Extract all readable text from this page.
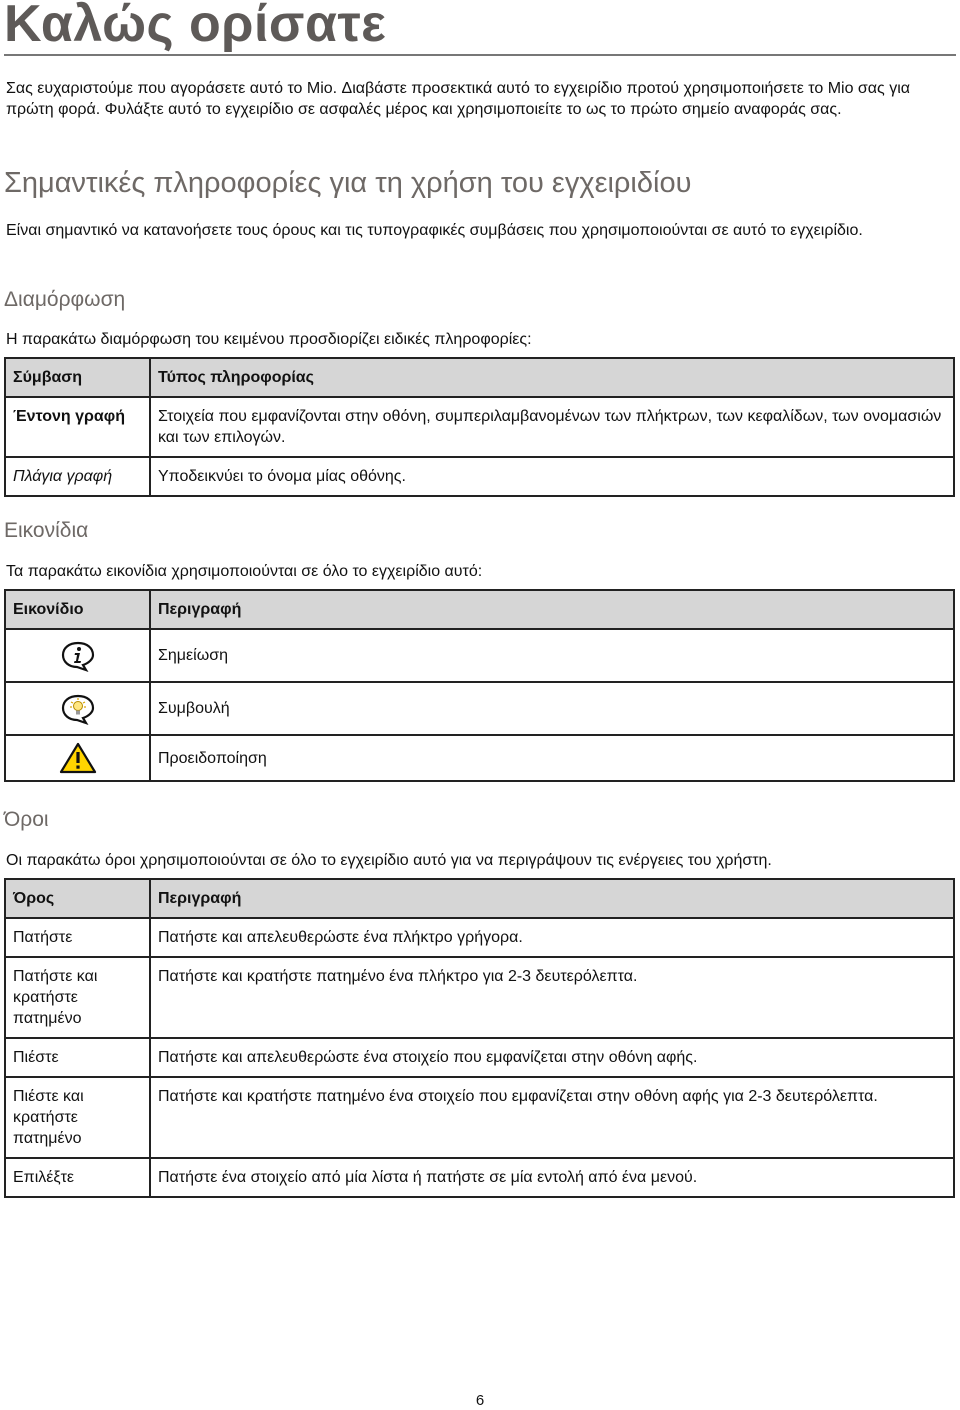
Καλώς ορίσατε

Σας ευχαριστούμε που αγοράσετε αυτό το Mio. Διαβάστε προσεκτικά αυτό το εγχειρίδιο προτού χρησιμοποιήσετε το Mio σας για πρώτη φορά. Φυλάξτε αυτό το εγχειρίδιο σε ασφαλές μέρος και χρησιμοποιείτε το ως το πρώτο σημείο αναφοράς σας.

Σημαντικές πληροφορίες για τη χρήση του εγχειριδίου

Είναι σημαντικό να κατανοήσετε τους όρους και τις τυπογραφικές συμβάσεις που χρησιμοποιούνται σε αυτό το εγχειρίδιο.

Διαμόρφωση

Η παρακάτω διαμόρφωση του κειμένου προσδιορίζει ειδικές πληροφορίες:

Σύμβαση	Τύπος πληροφορίας
Έντονη γραφή	Στοιχεία που εμφανίζονται στην οθόνη, συμπεριλαμβανομένων των πλήκτρων, των κεφαλίδων, των ονομασιών και των επιλογών.
Πλάγια γραφή	Υποδεικνύει το όνομα μίας οθόνης.
Εικονίδια

Τα παρακάτω εικονίδια χρησιμοποιούνται σε όλο το εγχειρίδιο αυτό:

Εικονίδιο	Περιγραφή

	Σημείωση

	Συμβουλή

	Προειδοποίηση
Όροι

Οι παρακάτω όροι χρησιμοποιούνται σε όλο το εγχειρίδιο αυτό για να περιγράψουν τις ενέργειες του χρήστη.

Όρος	Περιγραφή
Πατήστε	Πατήστε και απελευθερώστε ένα πλήκτρο γρήγορα.
Πατήστε και κρατήστε πατημένο	Πατήστε και κρατήστε πατημένο ένα πλήκτρο για 2-3 δευτερόλεπτα.
Πιέστε	Πατήστε και απελευθερώστε ένα στοιχείο που εμφανίζεται στην οθόνη αφής.
Πιέστε και κρατήστε πατημένο	Πατήστε και κρατήστε πατημένο ένα στοιχείο που εμφανίζεται στην οθόνη αφής για 2-3 δευτερόλεπτα.
Επιλέξτε	Πατήστε ένα στοιχείο από μία λίστα ή πατήστε σε μία εντολή από ένα μενού.
6
